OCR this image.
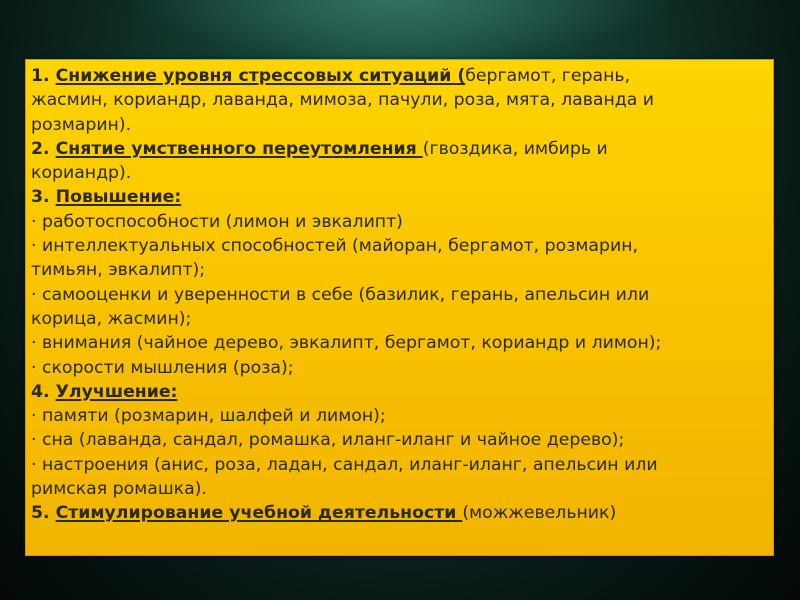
1. Снижение уровня стрессовых ситуаций (бергамот, герань,
жасмин, кориандр, лаванда, мимоза, пачули, роза, мята, лаванда и
розмарин).
2. Снятие умственного переутомления (гвоздика, имбирь и
кориандр).
3. Повышение:
· работоспособности (лимон и эвкалипт)
· интеллектуальных способностей (майоран, бергамот, розмарин,
тимьян, эвкалипт);
· самооценки и уверенности в себе (базилик, герань, апельсин или
корица, жасмин);
· внимания (чайное дерево, эвкалипт, бергамот, кориандр и лимон);
· скорости мышления (роза);
4. Улучшение:
· памяти (розмарин, шалфей и лимон);
· сна (лаванда, сандал, ромашка, иланг-иланг и чайное дерево);
· настроения (анис, роза, ладан, сандал, иланг-иланг, апельсин или
римская ромашка).
5. Стимулирование учебной деятельности (можжевельник)
